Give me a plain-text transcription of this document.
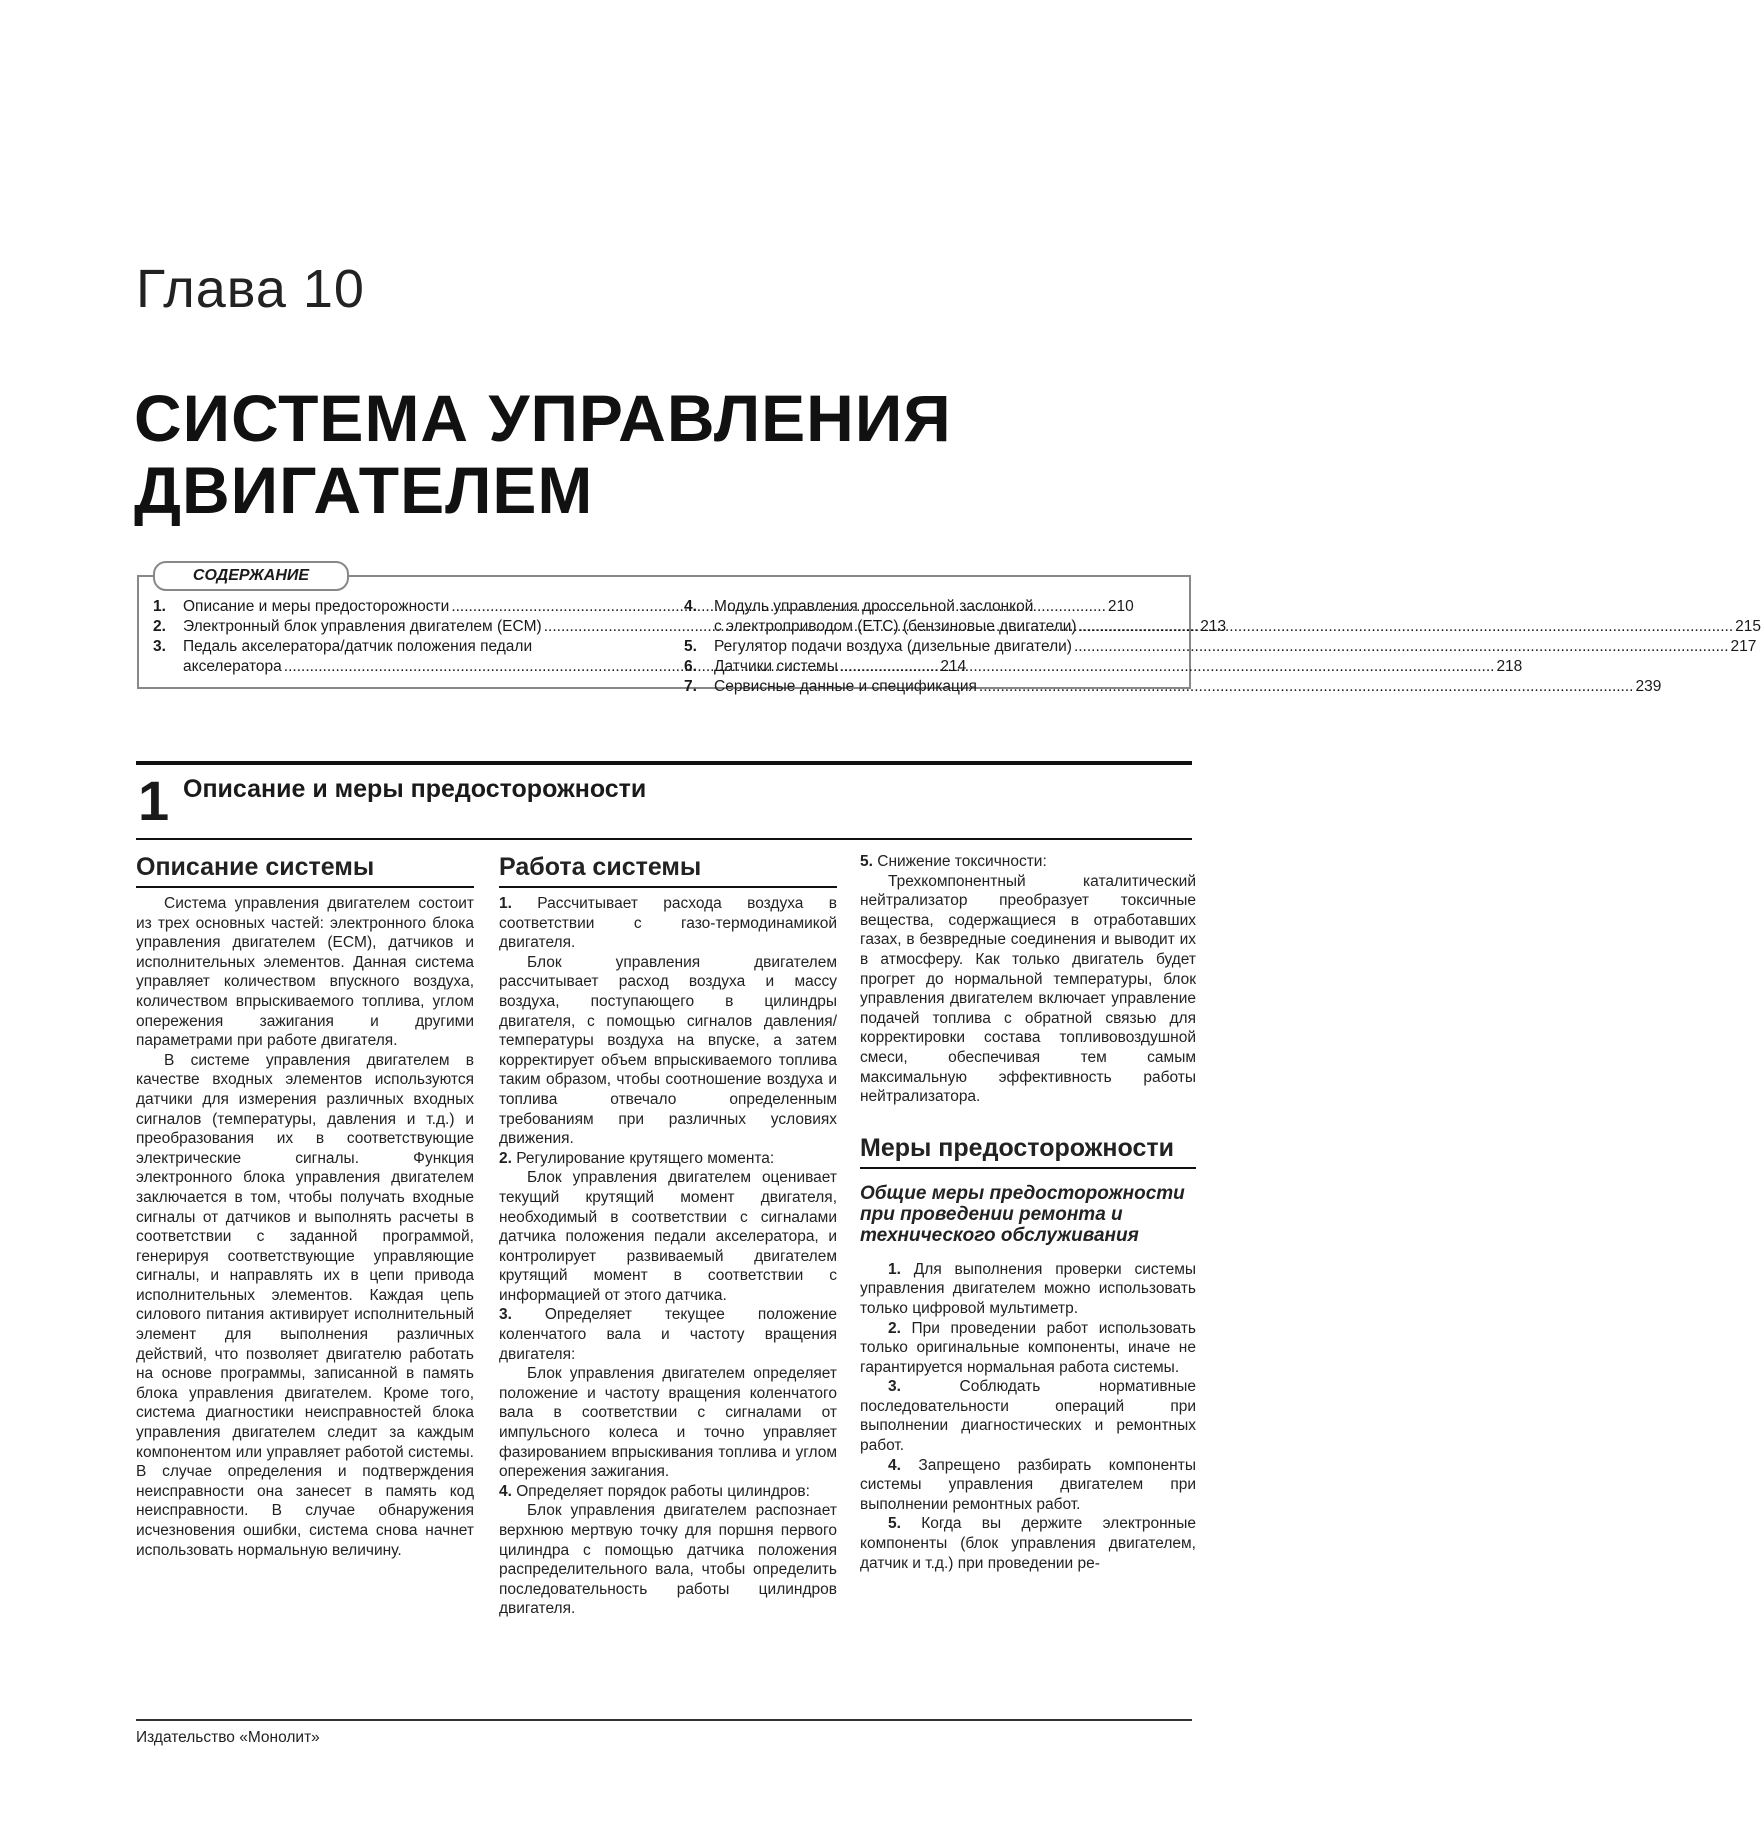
Глава 10
СИСТЕМА УПРАВЛЕНИЯ
ДВИГАТЕЛЕМ
СОДЕРЖАНИЕ
1.	Описание и меры предосторожности .....	210
2.	Электронный блок управления двигателем (ECM) .....	213
3.	Педаль акселератора/датчик положения педали
акселератора .....	214
4.	Модуль управления дроссельной заслонкой
с электроприводом (ETC) (бензиновые двигатели) .....	215
5.	Регулятор подачи воздуха (дизельные двигатели) .....	217
6.	Датчики системы .....	218
7.	Сервисные данные и спецификация .....	239
1 Описание и меры предосторожности
Описание системы

Система управления двигателем состоит из трех основных частей: электронного блока управления двигателем (ECM), датчиков и исполнительных элементов. Данная система управляет количеством впускного воздуха, количеством впрыскиваемого топлива, углом опережения зажигания и другими параметрами при работе двигателя.

В системе управления двигателем в качестве входных элементов используются датчики для измерения различных входных сигналов (температуры, давления и т.д.) и преобразования их в соответствующие электрические сигналы. Функция электронного блока управления двигателем заключается в том, чтобы получать входные сигналы от датчиков и выполнять расчеты в соответствии с заданной программой, генерируя соответствующие управляющие сигналы, и направлять их в цепи привода исполнительных элементов. Каждая цепь силового питания активирует исполнительный элемент для выполнения различных действий, что позволяет двигателю работать на основе программы, записанной в память блока управления двигателем. Кроме того, система диагностики неисправностей блока управления двигателем следит за каждым компонентом или управляет работой системы. В случае определения и подтверждения неисправности она занесет в память код неисправности. В случае обнаружения исчезновения ошибки, система снова начнет использовать нормальную величину.

Работа системы

1. Рассчитывает расхода воздуха в соответствии с газо-термодинамикой двигателя.

Блок управления двигателем рассчитывает расход воздуха и массу воздуха, поступающего в цилиндры двигателя, с помощью сигналов давления/температуры воздуха на впуске, а затем корректирует объем впрыскиваемого топлива таким образом, чтобы соотношение воздуха и топлива отвечало определенным требованиям при различных условиях движения.

2. Регулирование крутящего момента:

Блок управления двигателем оценивает текущий крутящий момент двигателя, необходимый в соответствии с сигналами датчика положения педали акселератора, и контролирует развиваемый двигателем крутящий момент в соответствии с информацией от этого датчика.

3. Определяет текущее положение коленчатого вала и частоту вращения двигателя:

Блок управления двигателем определяет положение и частоту вращения коленчатого вала в соответствии с сигналами от импульсного колеса и точно управляет фазированием впрыскивания топлива и углом опережения зажигания.

4. Определяет порядок работы цилиндров:

Блок управления двигателем распознает верхнюю мертвую точку для поршня первого цилиндра с помощью датчика положения распределительного вала, чтобы определить последовательность работы цилиндров двигателя.

5. Снижение токсичности:

Трехкомпонентный каталитический нейтрализатор преобразует токсичные вещества, содержащиеся в отработавших газах, в безвредные соединения и выводит их в атмосферу. Как только двигатель будет прогрет до нормальной температуры, блок управления двигателем включает управление подачей топлива с обратной связью для корректировки состава топливовоздушной смеси, обеспечивая тем самым максимальную эффективность работы нейтрализатора.

Меры предосторожности
Общие меры предосторожности при проведении ремонта и технического обслуживания

1. Для выполнения проверки системы управления двигателем можно использовать только цифровой мультиметр.

2. При проведении работ использовать только оригинальные компоненты, иначе не гарантируется нормальная работа системы.

3.	Соблюдать нормативные последовательности операций при выполнении диагностических и ремонтных работ.

4. Запрещено разбирать компоненты системы управления двигателем при выполнении ремонтных работ.

5. Когда вы держите электронные компоненты (блок управления двигателем, датчик и т.д.) при проведении ре-

Издательство «Монолит»
